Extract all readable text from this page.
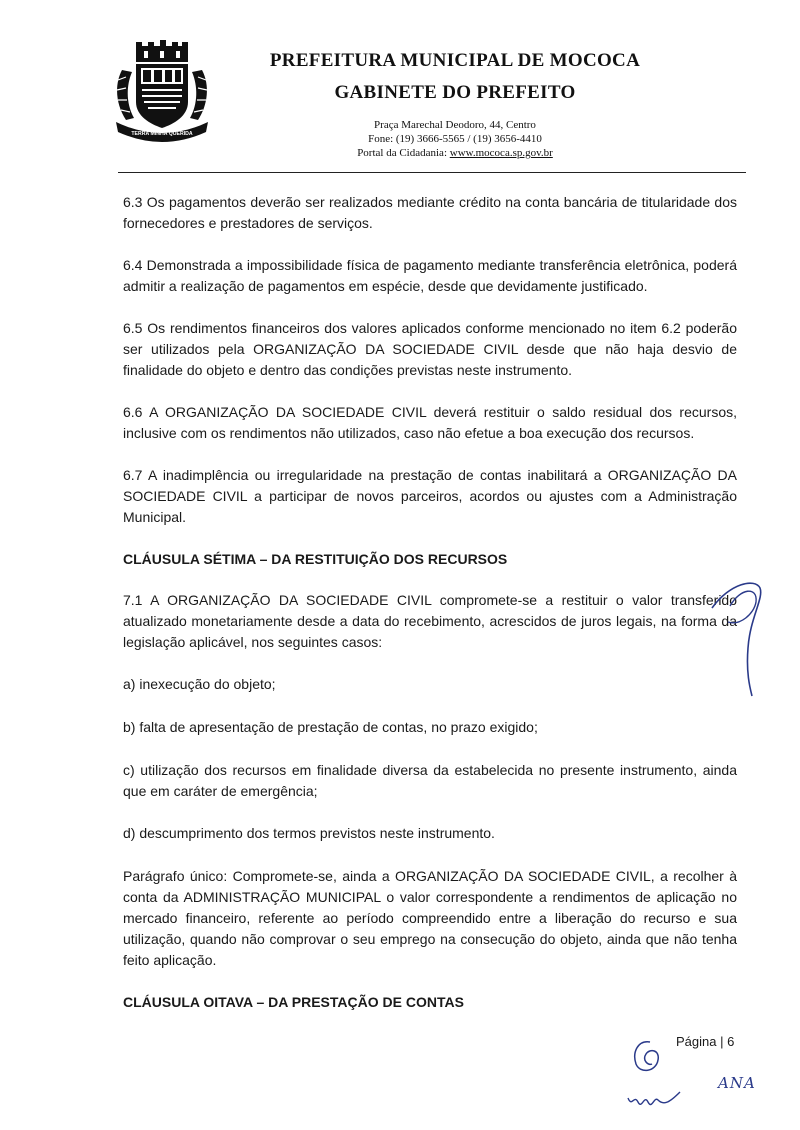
TERRA MINHA QUERIDA

PREFEITURA MUNICIPAL DE MOCOCA

GABINETE DO PREFEITO

Praça Marechal Deodoro, 44, Centro

Fone: (19) 3666-5565 / (19) 3656-4410

Portal da Cidadania: www.mococa.sp.gov.br

6.3 Os pagamentos deverão ser realizados mediante crédito na conta bancária de titularidade dos fornecedores e prestadores de serviços.

6.4 Demonstrada a impossibilidade física de pagamento mediante transferência eletrônica, poderá admitir a realização de pagamentos em espécie, desde que devidamente justificado.

6.5 Os rendimentos financeiros dos valores aplicados conforme mencionado no item 6.2 poderão ser utilizados pela ORGANIZAÇÃO DA SOCIEDADE CIVIL desde que não haja desvio de finalidade do objeto e dentro das condições previstas neste instrumento.

6.6 A ORGANIZAÇÃO DA SOCIEDADE CIVIL deverá restituir o saldo residual dos recursos, inclusive com os rendimentos não utilizados, caso não efetue a boa execução dos recursos.

6.7 A inadimplência ou irregularidade na prestação de contas inabilitará a ORGANIZAÇÃO DA SOCIEDADE CIVIL a participar de novos parceiros, acordos ou ajustes com a Administração Municipal.

CLÁUSULA SÉTIMA – DA RESTITUIÇÃO DOS RECURSOS

7.1 A ORGANIZAÇÃO DA SOCIEDADE CIVIL compromete-se a restituir o valor transferido atualizado monetariamente desde a data do recebimento, acrescidos de juros legais, na forma da legislação aplicável, nos seguintes casos:

a) inexecução do objeto;

b) falta de apresentação de prestação de contas, no prazo exigido;

c) utilização dos recursos em finalidade diversa da estabelecida no presente instrumento, ainda que em caráter de emergência;

d) descumprimento dos termos previstos neste instrumento.

Parágrafo único: Compromete-se, ainda a ORGANIZAÇÃO DA SOCIEDADE CIVIL, a recolher à conta da ADMINISTRAÇÃO MUNICIPAL o valor correspondente a rendimentos de aplicação no mercado financeiro, referente ao período compreendido entre a liberação do recurso e sua utilização, quando não comprovar o seu emprego na consecução do objeto, ainda que não tenha feito aplicação.

CLÁUSULA OITAVA – DA PRESTAÇÃO DE CONTAS

Página | 6
ANA
